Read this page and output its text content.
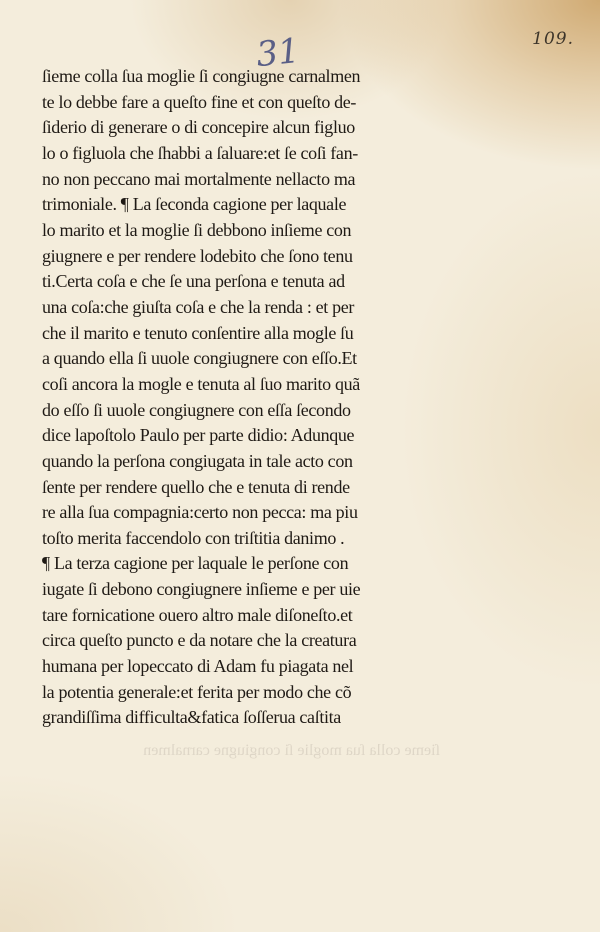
31	109.
ſieme colla ſua moglie ſi congiugne carnalmen
te lo debbe fare a queſto fine et con queſto de‑
ſiderio di generare o di concepire alcun figluo
lo o figluola che ſhabbi a ſaluare:et ſe coſi fan‑
no non peccano mai mortalmente nellacto ma
trimoniale. ¶ La ſeconda cagione per laquale
lo marito et la moglie ſi debbono inſieme con
giugnere e per rendere lodebito che ſono tenu
ti.Certa coſa e che ſe una perſona e tenuta ad
una coſa:che giuſta coſa e che la renda : et per
che il marito e tenuto conſentire alla mogle ſu
a quando ella ſi uuole congiugnere con eſſo.Et
coſi ancora la mogle e tenuta al ſuo marito quã
do eſſo ſi uuole congiugnere con eſſa ſecondo
dice lapoſtolo Paulo per parte didio: Adunque
quando la perſona congiugata in tale acto con
ſente per rendere quello che e tenuta di rende
re alla ſua compagnia:certo non pecca: ma piu
toſto merita faccendolo con triſtitia danimo .
¶ La terza cagione per laquale le perſone con
iugate ſi debono congiugnere inſieme e per uie
tare fornicatione ouero altro male diſoneſto.et
circa queſto puncto e da notare che la creatura
humana per lopeccato di Adam fu piagata nel
la potentia generale:et ferita per modo che cõ
grandiſſima difficulta&fatica ſoſſerua caſtita
ſieme colla ſua moglie ſi congiugne carnalmen
